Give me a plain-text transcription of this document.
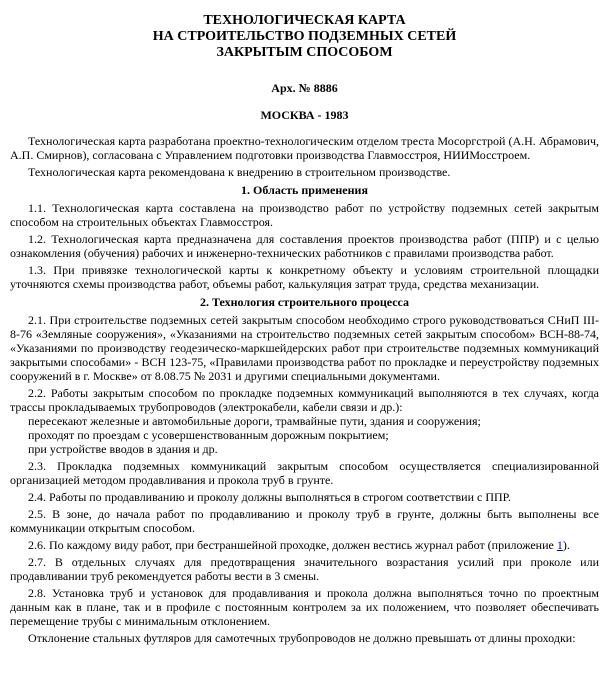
ТЕХНОЛОГИЧЕСКАЯ КАРТА
НА СТРОИТЕЛЬСТВО ПОДЗЕМНЫХ СЕТЕЙ
ЗАКРЫТЫМ СПОСОБОМ
Арх. № 8886
МОСКВА - 1983

Технологическая карта разработана проектно-технологическим отделом треста Мосоргстрой (А.Н. Абрамович, А.П. Смирнов), согласована с Управлением подготовки производства Главмосстроя, НИИМосстроем.

Технологическая карта рекомендована к внедрению в строительном производстве.

1. Область применения

1.1. Технологическая карта составлена на производство работ по устройству подземных сетей закрытым способом на строительных объектах Главмосстроя.

1.2. Технологическая карта предназначена для составления проектов производства работ (ППР) и с целью ознакомления (обучения) рабочих и инженерно-технических работников с правилами производства работ.

1.3. При привязке технологической карты к конкретному объекту и условиям строительной площадки уточняются схемы производства работ, объемы работ, калькуляция затрат труда, средства механизации.

2. Технология строительного процесса

2.1. При строительстве подземных сетей закрытым способом необходимо строго руководствоваться СНиП III-8-76 «Земляные сооружения», «Указаниями на строительство подземных сетей закрытым способом» ВСН-88-74, «Указаниями по производству геодезическо-маркшейдерских работ при строительстве подземных коммуникаций закрытыми способами» - ВСН 123-75, «Правилами производства работ по прокладке и переустройству подземных сооружений в г. Москве» от 8.08.75 № 2031 и другими специальными документами.

2.2. Работы закрытым способом по прокладке подземных коммуникаций выполняются в тех случаях, когда трассы прокладываемых трубопроводов (электрокабели, кабели связи и др.):

пересекают железные и автомобильные дороги, трамвайные пути, здания и сооружения;

проходят по проездам с усовершенствованным дорожным покрытием;

при устройстве вводов в здания и др.

2.3. Прокладка подземных коммуникаций закрытым способом осуществляется специализированной организацией методом продавливания и прокола труб в грунте.

2.4. Работы по продавливанию и проколу должны выполняться в строгом соответствии с ППР.

2.5. В зоне, до начала работ по продавливанию и проколу труб в грунте, должны быть выполнены все коммуникации открытым способом.

2.6. По каждому виду работ, при бестраншейной проходке, должен вестись журнал работ (приложение 1).

2.7. В отдельных случаях для предотвращения значительного возрастания усилий при проколе или продавливании труб рекомендуется работы вести в 3 смены.

2.8. Установка труб и установок для продавливания и прокола должна выполняться точно по проектным данным как в плане, так и в профиле с постоянным контролем за их положением, что позволяет обеспечивать перемещение трубы с минимальным отклонением.

Отклонение стальных футляров для самотечных трубопроводов не должно превышать от длины проходки:
